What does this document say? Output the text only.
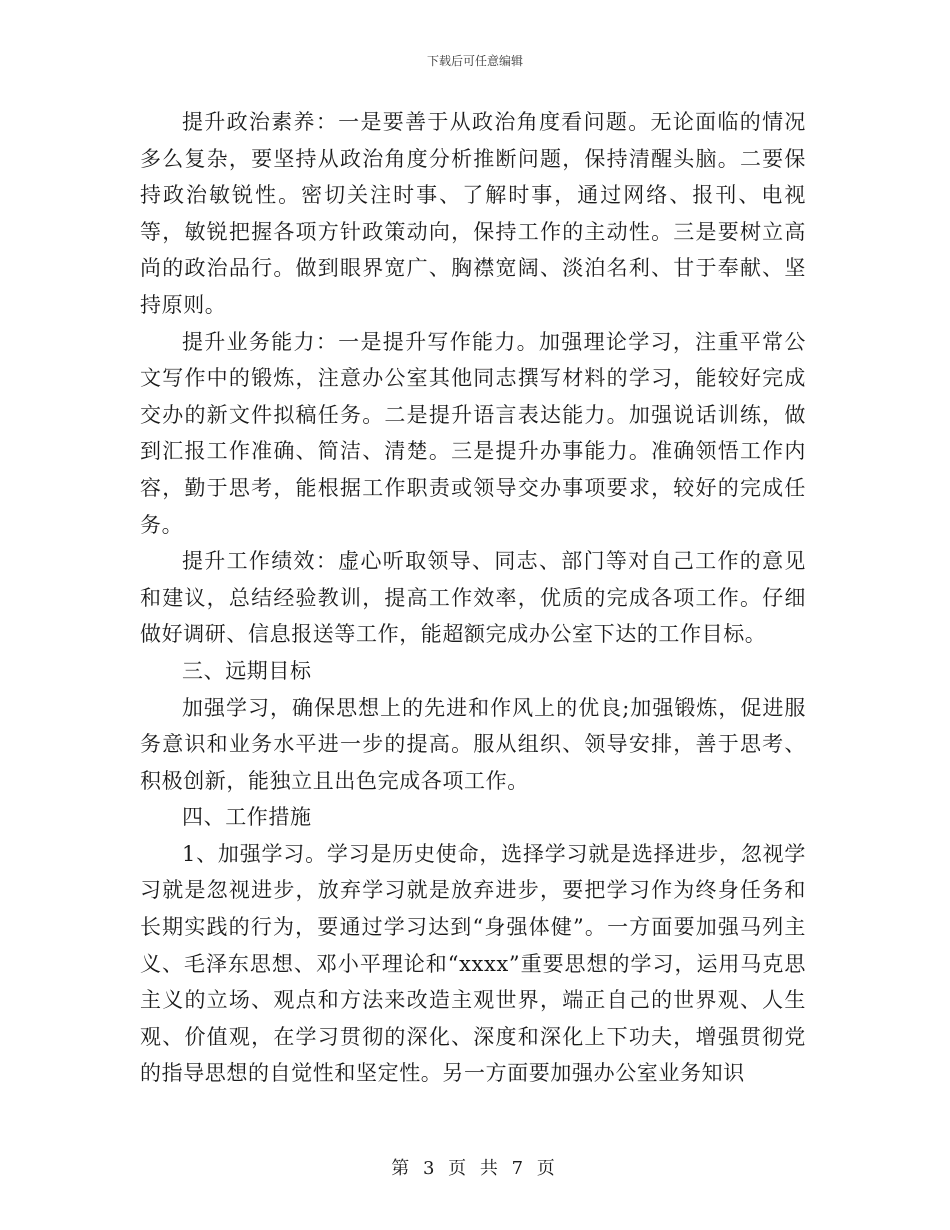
下载后可任意编辑

提升政治素养：一是要善于从政治角度看问题。无论面临的情况多么复杂，要坚持从政治角度分析推断问题，保持清醒头脑。二要保持政治敏锐性。密切关注时事、了解时事，通过网络、报刊、电视等，敏锐把握各项方针政策动向，保持工作的主动性。三是要树立高尚的政治品行。做到眼界宽广、胸襟宽阔、淡泊名利、甘于奉献、坚持原则。

提升业务能力：一是提升写作能力。加强理论学习，注重平常公文写作中的锻炼，注意办公室其他同志撰写材料的学习，能较好完成交办的新文件拟稿任务。二是提升语言表达能力。加强说话训练，做到汇报工作准确、简洁、清楚。三是提升办事能力。准确领悟工作内容，勤于思考，能根据工作职责或领导交办事项要求，较好的完成任务。

提升工作绩效：虚心听取领导、同志、部门等对自己工作的意见和建议，总结经验教训，提高工作效率，优质的完成各项工作。仔细做好调研、信息报送等工作，能超额完成办公室下达的工作目标。

三、远期目标

加强学习，确保思想上的先进和作风上的优良;加强锻炼，促进服务意识和业务水平进一步的提高。服从组织、领导安排，善于思考、积极创新，能独立且出色完成各项工作。

四、工作措施

1、加强学习。学习是历史使命，选择学习就是选择进步，忽视学习就是忽视进步，放弃学习就是放弃进步，要把学习作为终身任务和长期实践的行为，要通过学习达到“身强体健”。一方面要加强马列主义、毛泽东思想、邓小平理论和“xxxx”重要思想的学习，运用马克思主义的立场、观点和方法来改造主观世界，端正自己的世界观、人生观、价值观，在学习贯彻的深化、深度和深化上下功夫，增强贯彻党的指导思想的自觉性和坚定性。另一方面要加强办公室业务知识

第 3 页 共 7 页
